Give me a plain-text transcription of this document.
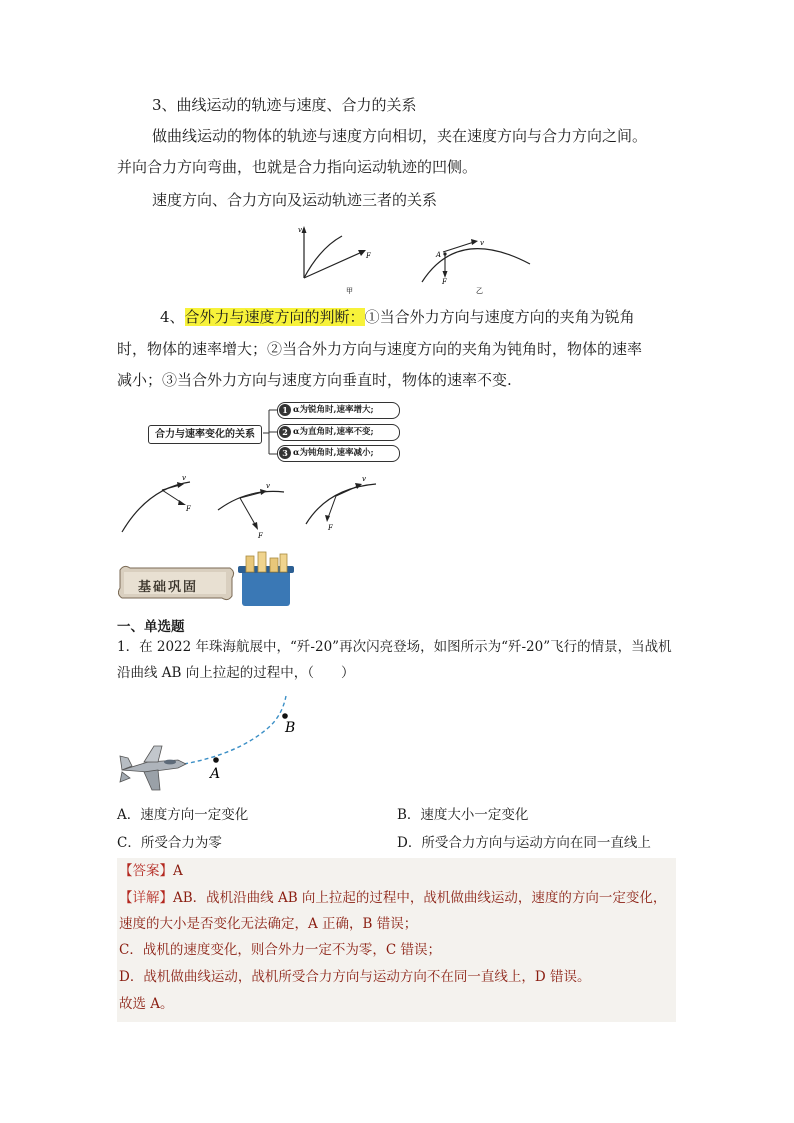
3、曲线运动的轨迹与速度、合力的关系
做曲线运动的物体的轨迹与速度方向相切，夹在速度方向与合力方向之间。
并向合力方向弯曲，也就是合力指向运动轨迹的凹侧。
速度方向、合力方向及运动轨迹三者的关系
v
F
甲
v
A
F
乙
4、合外力与速度方向的判断：①当合外力方向与速度方向的夹角为锐角
时，物体的速率增大；②当合外力方向与速度方向的夹角为钝角时，物体的速率
减小；③当合外力方向与速度方向垂直时，物体的速率不变.
合力与速率变化的关系
1 α为锐角时,速率增大;
2 α为直角时,速率不变;
3 α为钝角时,速率减小;
v
F
v
F
v
F
基础巩固
一、单选题
1．在 2022 年珠海航展中，“歼-20”再次闪亮登场，如图所示为“歼-20”飞行的情景，当战机
沿曲线 AB 向上拉起的过程中，（　　）
A
B
A．速度方向一定变化	B．速度大小一定变化
C．所受合力为零	D．所受合力方向与运动方向在同一直线上
【答案】A
【详解】AB．战机沿曲线 AB 向上拉起的过程中，战机做曲线运动，速度的方向一定变化，
速度的大小是否变化无法确定，A 正确，B 错误；
C．战机的速度变化，则合外力一定不为零，C 错误；
D．战机做曲线运动，战机所受合力方向与运动方向不在同一直线上，D 错误。
故选 A。
